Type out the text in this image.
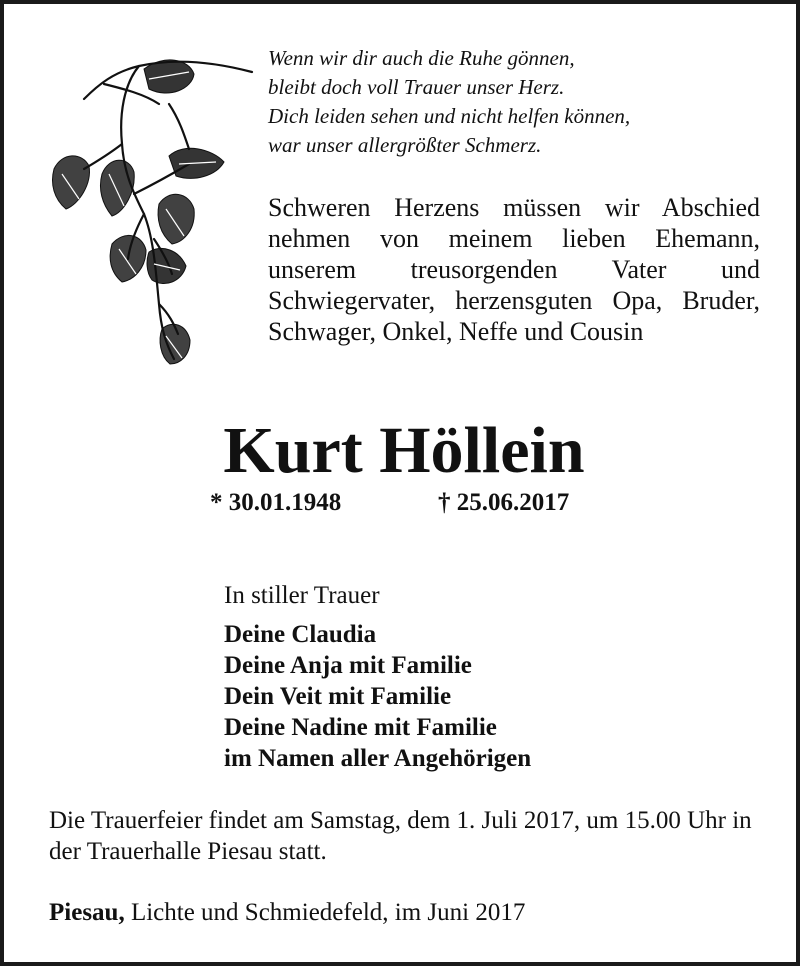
Wenn wir dir auch die Ruhe gönnen,
bleibt doch voll Trauer unser Herz.
Dich leiden sehen und nicht helfen können,
war unser allergrößter Schmerz.
Schweren Herzens müssen wir Abschied nehmen von meinem lieben Ehemann, unserem treusorgenden Vater und Schwiegervater, herzensguten Opa, Bruder, Schwager, Onkel, Neffe und Cousin
Kurt Höllein
* 30.01.1948	† 25.06.2017
In stiller Trauer
Deine Claudia
Deine Anja mit Familie
Dein Veit mit Familie
Deine Nadine mit Familie
im Namen aller Angehörigen
Die Trauerfeier findet am Samstag, dem 1. Juli 2017, um 15.00 Uhr in der Trauerhalle Piesau statt.
Piesau, Lichte und Schmiedefeld, im Juni 2017
